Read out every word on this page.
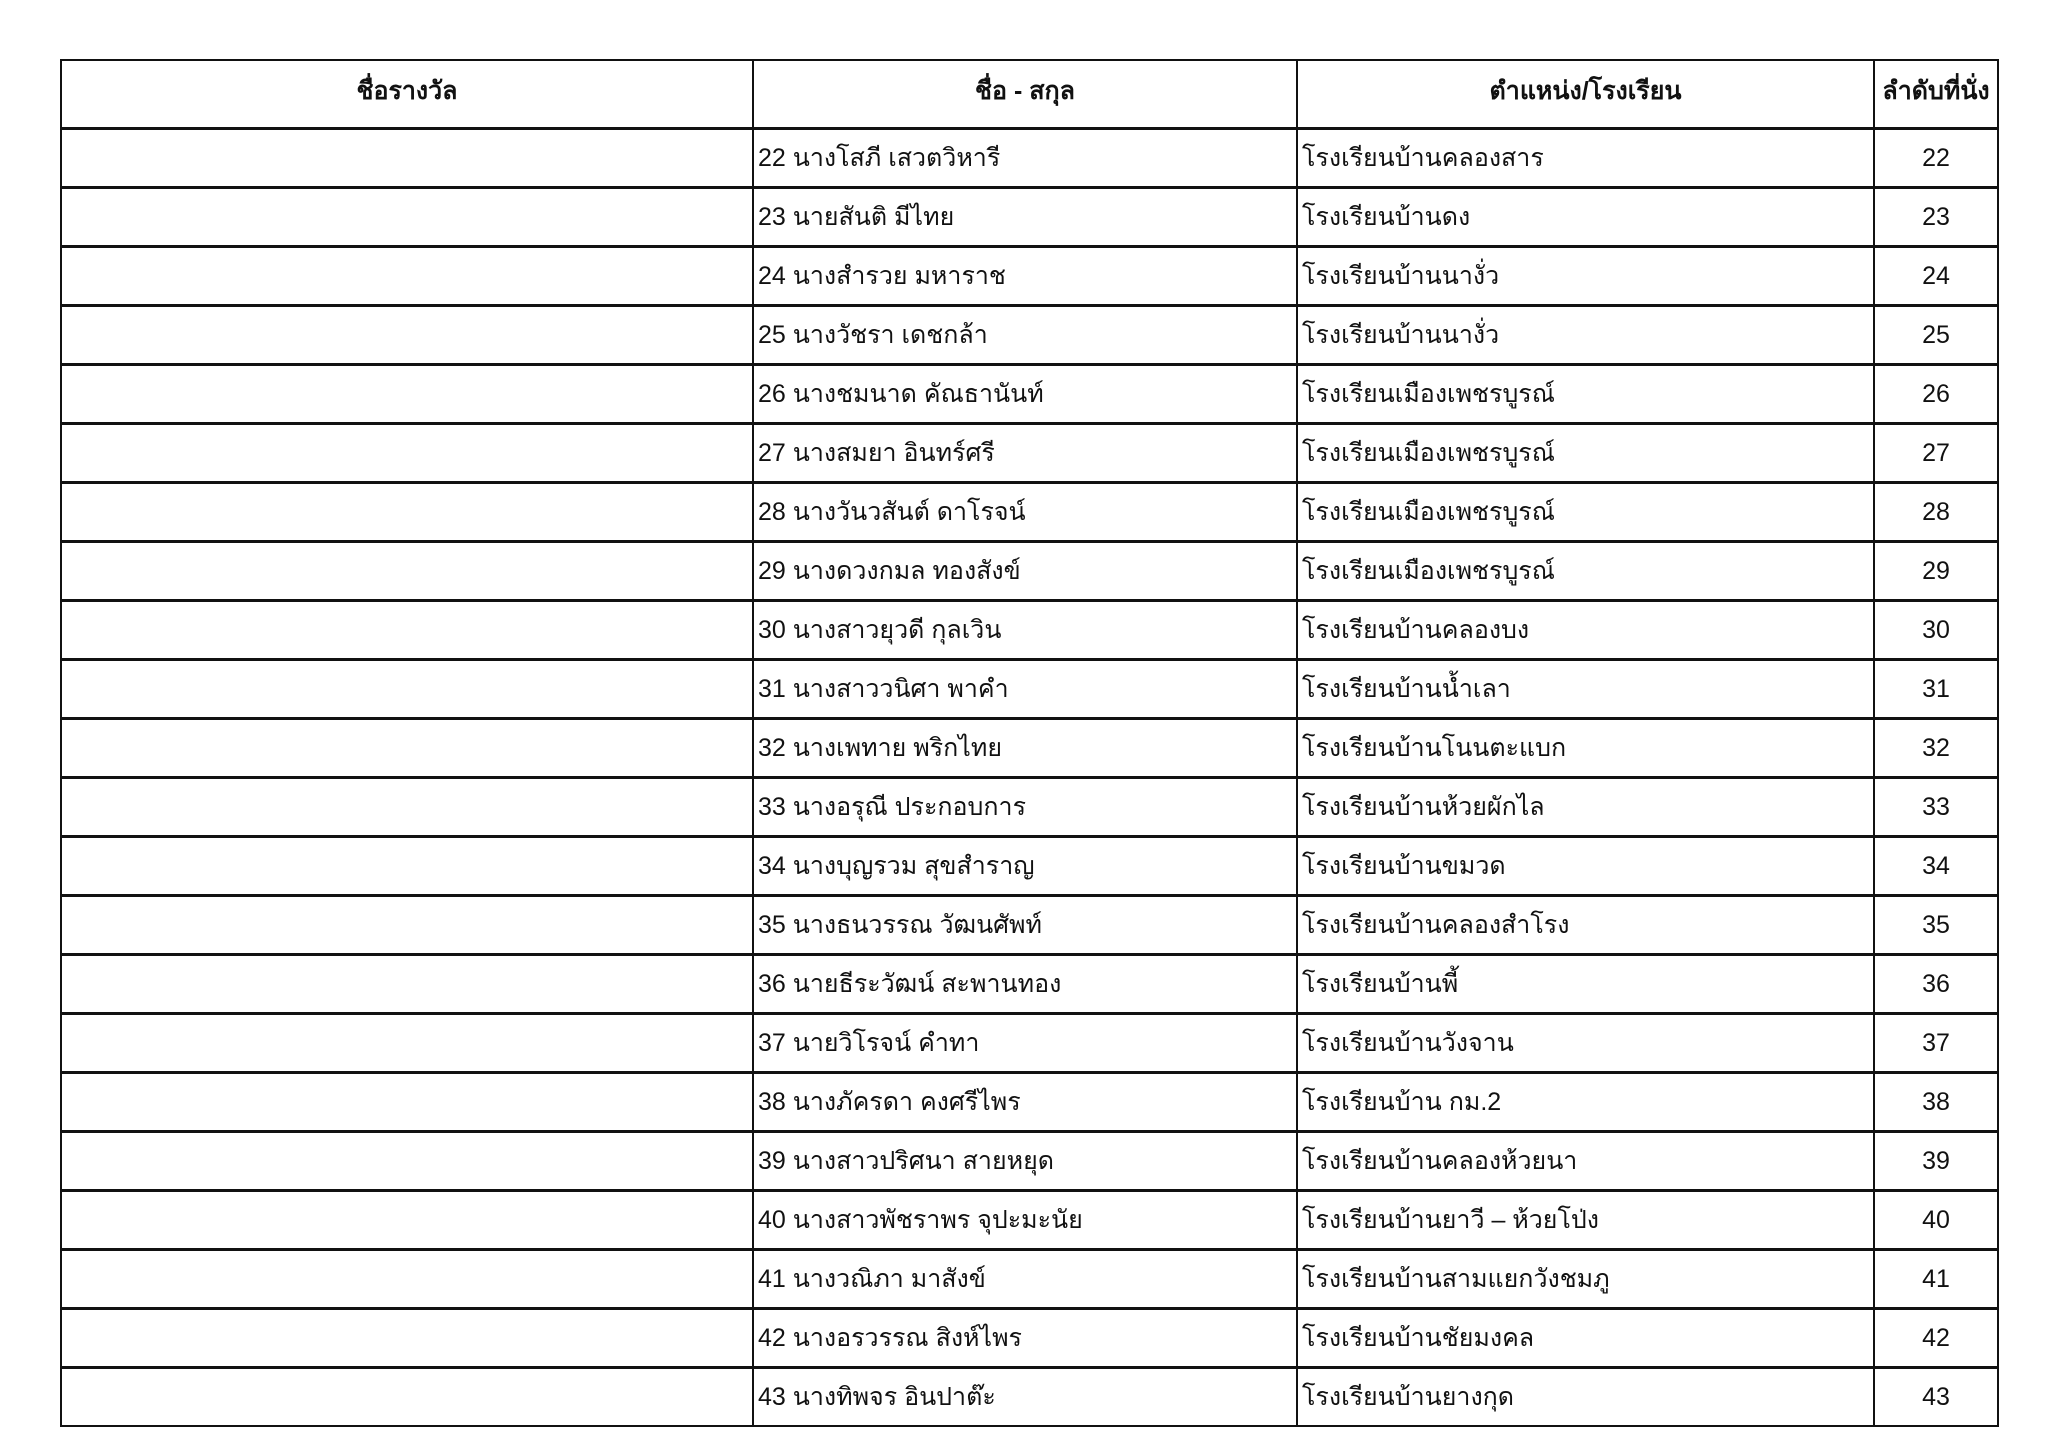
ชื่อรางวัล	ชื่อ - สกุล	ตำแหน่ง/โรงเรียน	ลำดับที่นั่ง
	22 นางโสภี เสวตวิหารี	โรงเรียนบ้านคลองสาร	22
	23 นายสันติ มีไทย	โรงเรียนบ้านดง	23
	24 นางสำรวย มหาราช	โรงเรียนบ้านนางั่ว	24
	25 นางวัชรา เดชกล้า	โรงเรียนบ้านนางั่ว	25
	26 นางชมนาด คัณธานันท์	โรงเรียนเมืองเพชรบูรณ์	26
	27 นางสมยา อินทร์ศรี	โรงเรียนเมืองเพชรบูรณ์	27
	28 นางวันวสันต์ ดาโรจน์	โรงเรียนเมืองเพชรบูรณ์	28
	29 นางดวงกมล ทองสังข์	โรงเรียนเมืองเพชรบูรณ์	29
	30 นางสาวยุวดี กุลเวิน	โรงเรียนบ้านคลองบง	30
	31 นางสาววนิศา พาคำ	โรงเรียนบ้านน้ำเลา	31
	32 นางเพทาย พริกไทย	โรงเรียนบ้านโนนตะแบก	32
	33 นางอรุณี ประกอบการ	โรงเรียนบ้านห้วยผักไล	33
	34 นางบุญรวม สุขสำราญ	โรงเรียนบ้านขมวด	34
	35 นางธนวรรณ วัฒนศัพท์	โรงเรียนบ้านคลองสำโรง	35
	36 นายธีระวัฒน์ สะพานทอง	โรงเรียนบ้านพี้	36
	37 นายวิโรจน์ คำทา	โรงเรียนบ้านวังจาน	37
	38 นางภัครดา คงศรีไพร	โรงเรียนบ้าน กม.2	38
	39 นางสาวปริศนา สายหยุด	โรงเรียนบ้านคลองห้วยนา	39
	40 นางสาวพัชราพร จุปะมะนัย	โรงเรียนบ้านยาวี – ห้วยโป่ง	40
	41 นางวณิภา มาสังข์	โรงเรียนบ้านสามแยกวังชมภู	41
	42 นางอรวรรณ สิงห์ไพร	โรงเรียนบ้านชัยมงคล	42
	43 นางทิพจร อินปาต๊ะ	โรงเรียนบ้านยางกุด	43
